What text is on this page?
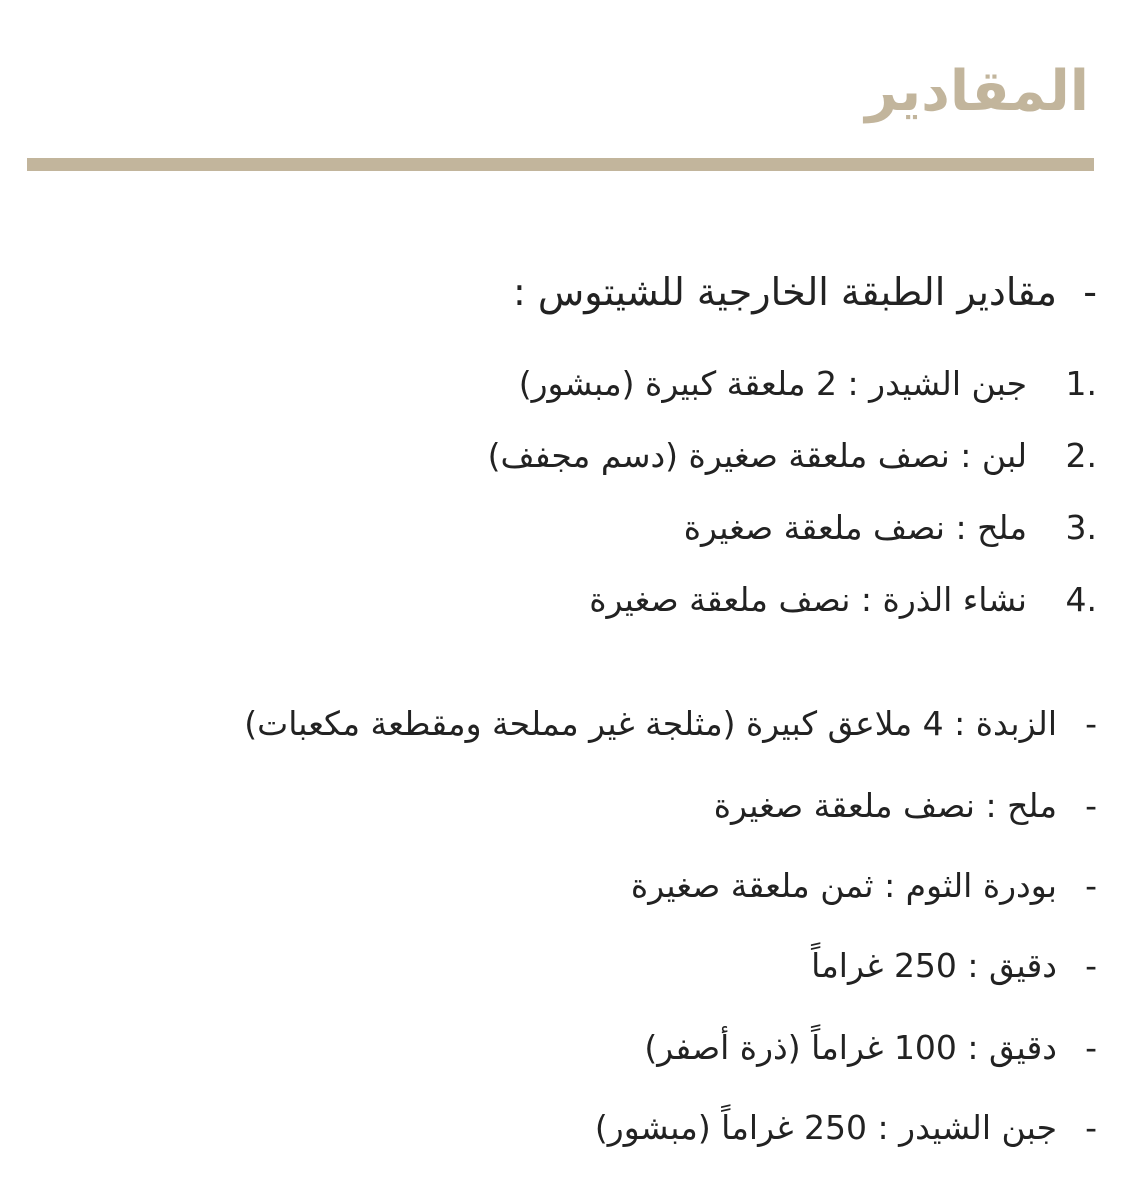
المقادير
-
مقادير الطبقة الخارجية للشيتوس :
1.
جبن الشيدر : 2 ملعقة كبيرة (مبشور)
2.
لبن : نصف ملعقة صغيرة (دسم مجفف)
3.
ملح : نصف ملعقة صغيرة
4.
نشاء الذرة : نصف ملعقة صغيرة
-
الزبدة : 4 ملاعق كبيرة (مثلجة غير مملحة ومقطعة مكعبات)
-
ملح : نصف ملعقة صغيرة
-
بودرة الثوم : ثمن ملعقة صغيرة
-
دقيق : 250 غراماً
-
دقيق : 100 غراماً (ذرة أصفر)
-
جبن الشيدر : 250 غراماً (مبشور)
